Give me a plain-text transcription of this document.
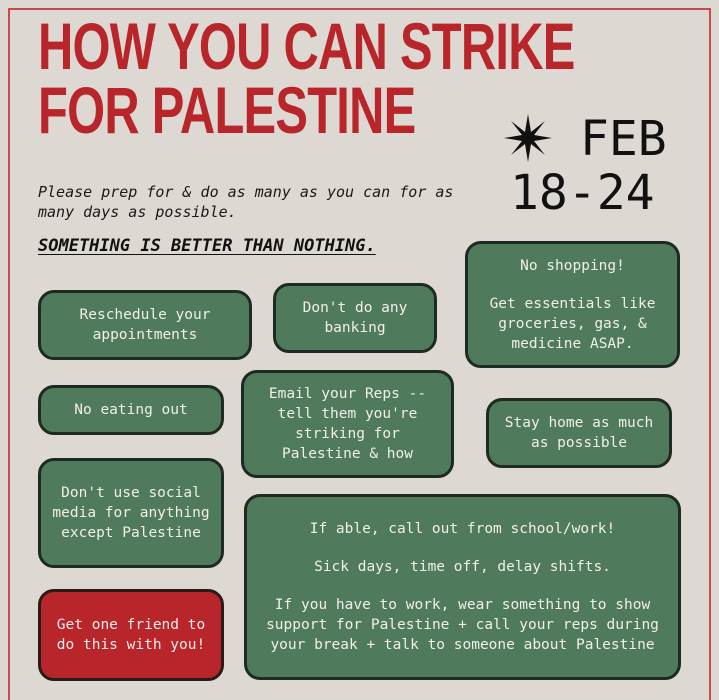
HOW YOU CAN STRIKE
FOR PALESTINE	FEB
18-24
Please prep for & do as many as you can for as many days as possible.
SOMETHING IS BETTER THAN NOTHING.

No shopping!

Get essentials like groceries, gas, & medicine ASAP.

Reschedule your appointments

Don't do any banking

No eating out

Email your Reps -- tell them you're striking for Palestine & how

Stay home as much as possible

Don't use social media for anything except Palestine	If able, call out from school/work!

Sick days, time off, delay shifts.

If you have to work, wear something to show support for Palestine + call your reps during your break + talk to someone about Palestine

Get one friend to do this with you!
